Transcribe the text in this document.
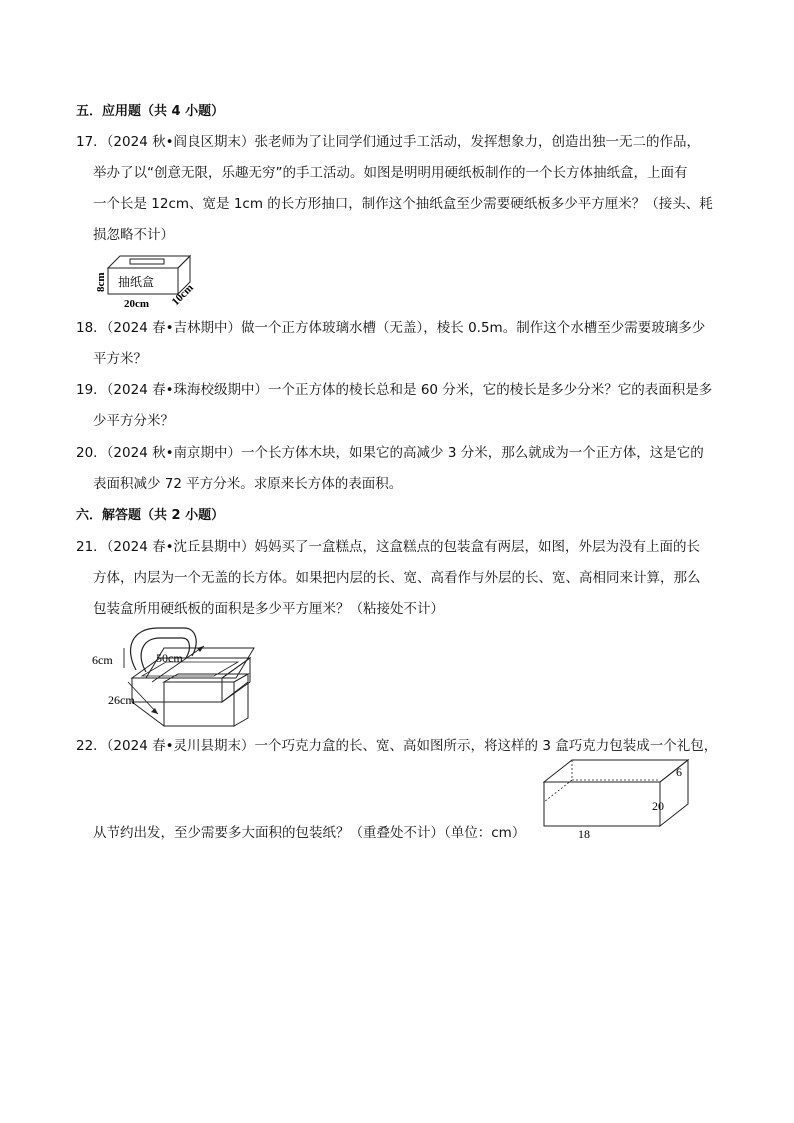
五．应用题（共 4 小题）
17．（2024 秋•阎良区期末）张老师为了让同学们通过手工活动，发挥想象力，创造出独一无二的作品，
举办了以“创意无限，乐趣无穷”的手工活动。如图是明明用硬纸板制作的一个长方体抽纸盒，上面有
一个长是 12cm、宽是 1cm 的长方形抽口，制作这个抽纸盒至少需要硬纸板多少平方厘米？（接头、耗
损忽略不计）
抽纸盒
8cm
20cm 10cm
18．（2024 春•吉林期中）做一个正方体玻璃水槽（无盖），棱长 0.5m。制作这个水槽至少需要玻璃多少
平方米？
19．（2024 春•珠海校级期中）一个正方体的棱长总和是 60 分米，它的棱长是多少分米？它的表面积是多
少平方分米？
20．（2024 秋•南京期中）一个长方体木块，如果它的高减少 3 分米，那么就成为一个正方体，这是它的
表面积减少 72 平方分米。求原来长方体的表面积。
六．解答题（共 2 小题）
21．（2024 春•沈丘县期中）妈妈买了一盒糕点，这盒糕点的包装盒有两层，如图，外层为没有上面的长
方体，内层为一个无盖的长方体。如果把内层的长、宽、高看作与外层的长、宽、高相同来计算，那么
包装盒所用硬纸板的面积是多少平方厘米？（粘接处不计）
6cm	50cm
26cm
22．（2024 春•灵川县期末）一个巧克力盒的长、宽、高如图所示，将这样的 3 盒巧克力包装成一个礼包，
从节约出发，至少需要多大面积的包装纸？（重叠处不计）（单位：cm）
6
20
18
